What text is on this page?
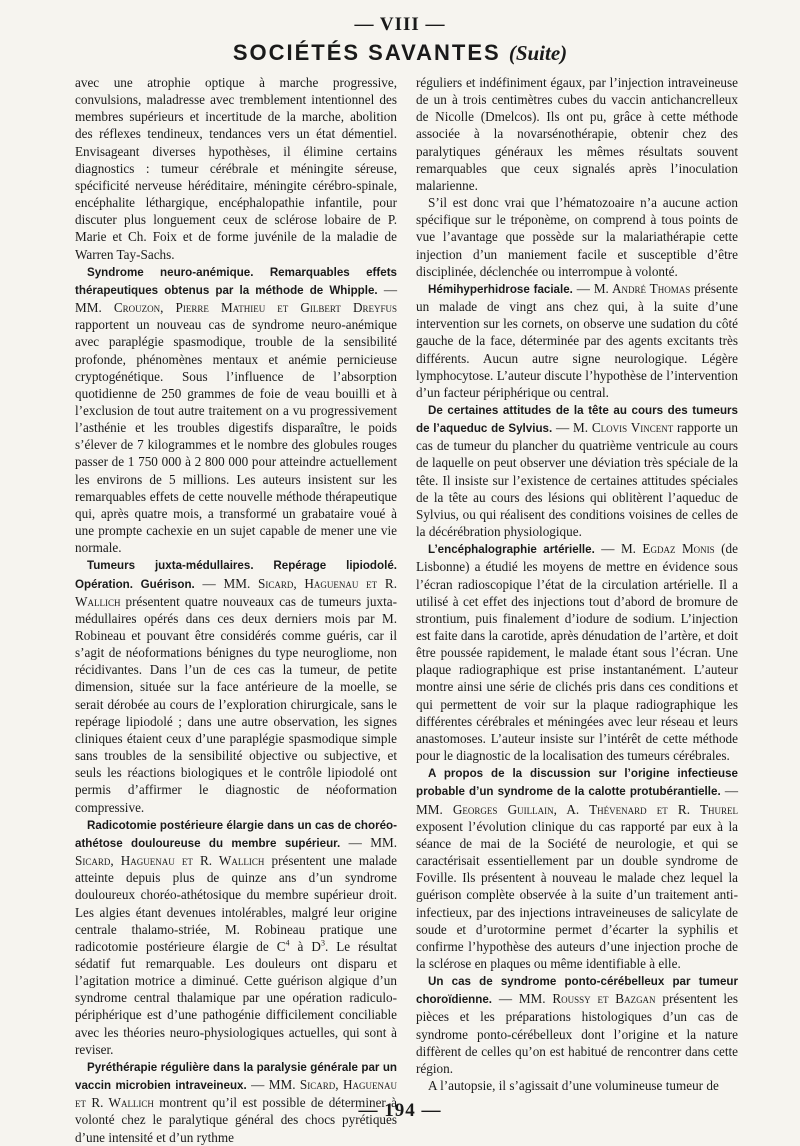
— VIII —
SOCIÉTÉS SAVANTES (Suite)

avec une atrophie optique à marche progressive, convulsions, maladresse avec tremblement intentionnel des membres supérieurs et incertitude de la marche, abolition des réflexes tendineux, tendances vers un état démentiel. Envisageant diverses hypothèses, il élimine certains diagnostics : tumeur cérébrale et méningite séreuse, spécificité nerveuse héréditaire, méningite cérébro-spinale, encéphalite léthargique, encéphalopathie infantile, pour discuter plus longuement ceux de sclérose lobaire de P. Marie et Ch. Foix et de forme juvénile de la maladie de Warren Tay-Sachs.

Syndrome neuro-anémique. Remarquables effets thérapeutiques obtenus par la méthode de Whipple. — MM. Crouzon, Pierre Mathieu et Gilbert Dreyfus rapportent un nouveau cas de syndrome neuro-anémique avec paraplégie spasmodique, trouble de la sensibilité profonde, phénomènes mentaux et anémie pernicieuse cryptogénétique. Sous l’influence de l’absorption quotidienne de 250 grammes de foie de veau bouilli et à l’exclusion de tout autre traitement on a vu progressivement l’asthénie et les troubles digestifs disparaître, le poids s’élever de 7 kilogrammes et le nombre des globules rouges passer de 1 750 000 à 2 800 000 pour atteindre actuellement les environs de 5 millions. Les auteurs insistent sur les remarquables effets de cette nouvelle méthode thérapeutique qui, après quatre mois, a transformé un grabataire voué à une prompte cachexie en un sujet capable de mener une vie normale.

Tumeurs juxta-médullaires. Repérage lipiodolé. Opération. Guérison. — MM. Sicard, Haguenau et R. Wallich présentent quatre nouveaux cas de tumeurs juxta-médullaires opérés dans ces deux derniers mois par M. Robineau et pouvant être considérés comme guéris, car il s’agit de néoformations bénignes du type neurogliome, non récidivantes. Dans l’un de ces cas la tumeur, de petite dimension, située sur la face antérieure de la moelle, se serait dérobée au cours de l’exploration chirurgicale, sans le repérage lipiodolé ; dans une autre observation, les signes cliniques étaient ceux d’une paraplégie spasmodique simple sans troubles de la sensibilité objective ou subjective, et seuls les réactions biologiques et le contrôle lipiodolé ont permis d’affirmer le diagnostic de néoformation compressive.

Radicotomie postérieure élargie dans un cas de choréo-athétose douloureuse du membre supérieur. — MM. Sicard, Haguenau et R. Wallich présentent une malade atteinte depuis plus de quinze ans d’un syndrome douloureux choréo-athétosique du membre supérieur droit. Les algies étant devenues intolérables, malgré leur origine centrale thalamo-striée, M. Robineau pratique une radicotomie postérieure élargie de $C^4$ à $D^3$. Le résultat sédatif fut remarquable. Les douleurs ont disparu et l’agitation motrice a diminué. Cette guérison algique d’un syndrome central thalamique par une opération radiculo-périphérique est d’une pathogénie difficilement conciliable avec les théories neuro-physiologiques actuelles, qui sont à reviser.

Pyréthérapie régulière dans la paralysie générale par un vaccin microbien intraveineux. — MM. Sicard, Haguenau et R. Wallich montrent qu’il est possible de déterminer à volonté chez le paralytique général des chocs pyrétiques d’une intensité et d’un rythme

réguliers et indéfiniment égaux, par l’injection intraveineuse de un à trois centimètres cubes du vaccin antichancrelleux de Nicolle (Dmelcos). Ils ont pu, grâce à cette méthode associée à la novarsénothérapie, obtenir chez des paralytiques généraux les mêmes résultats souvent remarquables que ceux signalés après l’inoculation malarienne.

S’il est donc vrai que l’hématozoaire n’a aucune action spécifique sur le tréponème, on comprend à tous points de vue l’avantage que possède sur la malariathérapie cette injection d’un maniement facile et susceptible d’être disciplinée, déclenchée ou interrompue à volonté.

Hémihyperhidrose faciale. — M. André Thomas présente un malade de vingt ans chez qui, à la suite d’une intervention sur les cornets, on observe une sudation du côté gauche de la face, déterminée par des agents excitants très différents. Aucun autre signe neurologique. Légère lymphocytose. L’auteur discute l’hypothèse de l’intervention d’un facteur périphérique ou central.

De certaines attitudes de la tête au cours des tumeurs de l’aqueduc de Sylvius. — M. Clovis Vincent rapporte un cas de tumeur du plancher du quatrième ventricule au cours de laquelle on peut observer une déviation très spéciale de la tête. Il insiste sur l’existence de certaines attitudes spéciales de la tête au cours des lésions qui oblitèrent l’aqueduc de Sylvius, ou qui réalisent des conditions voisines de celles de la décérébration physiologique.

L’encéphalographie artérielle. — M. Egdaz Monis (de Lisbonne) a étudié les moyens de mettre en évidence sous l’écran radioscopique l’état de la circulation artérielle. Il a utilisé à cet effet des injections tout d’abord de bromure de strontium, puis finalement d’iodure de sodium. L’injection est faite dans la carotide, après dénudation de l’artère, et doit être poussée rapidement, le malade étant sous l’écran. Une plaque radiographique est prise instantanément. L’auteur montre ainsi une série de clichés pris dans ces conditions et qui permettent de voir sur la plaque radiographique les différentes cérébrales et méningées avec leur réseau et leurs anastomoses. L’auteur insiste sur l’intérêt de cette méthode pour le diagnostic de la localisation des tumeurs cérébrales.

A propos de la discussion sur l’origine infectieuse probable d’un syndrome de la calotte protubérantielle. — MM. Georges Guillain, A. Thévenard et R. Thurel exposent l’évolution clinique du cas rapporté par eux à la séance de mai de la Société de neurologie, et qui se caractérisait essentiellement par un double syndrome de Foville. Ils présentent à nouveau le malade chez lequel la guérison complète observée à la suite d’un traitement anti-infectieux, par des injections intraveineuses de salicylate de soude et d’urotormine permet d’écarter la syphilis et confirme l’hypothèse des auteurs d’une injection proche de la sclérose en plaques ou même identifiable à elle.

Un cas de syndrome ponto-cérébelleux par tumeur choroïdienne. — MM. Roussy et Bazgan présentent les pièces et les préparations histologiques d’un cas de syndrome ponto-cérébelleux dont l’origine et la nature diffèrent de celles qu’on est habitué de rencontrer dans cette région.

A l’autopsie, il s’agissait d’une volumineuse tumeur de

— 194 —
